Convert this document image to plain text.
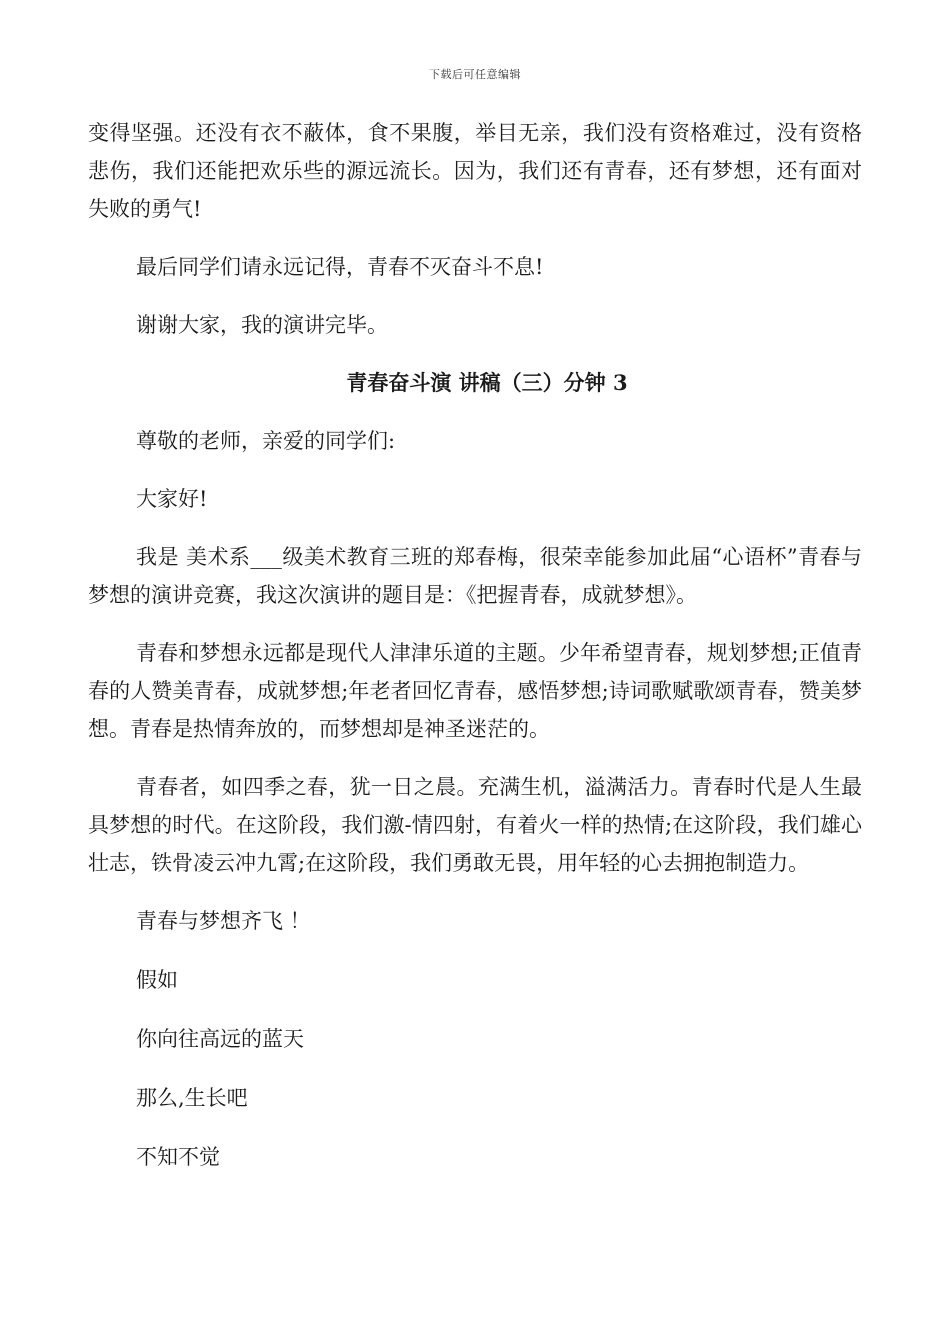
下载后可任意编辑

变得坚强。还没有衣不蔽体，食不果腹，举目无亲，我们没有资格难过，没有资格悲伤，我们还能把欢乐些的源远流长。因为，我们还有青春，还有梦想，还有面对失败的勇气!

最后同学们请永远记得，青春不灭奋斗不息!

谢谢大家，我的演讲完毕。

青春奋斗演 讲稿（三）分钟 3

尊敬的老师，亲爱的同学们:

大家好!

我是 美术系___级美术教育三班的郑春梅，很荣幸能参加此届“心语杯”青春与梦想的演讲竞赛，我这次演讲的题目是：《把握青春，成就梦想》。

青春和梦想永远都是现代人津津乐道的主题。少年希望青春，规划梦想;正值青春的人赞美青春，成就梦想;年老者回忆青春，感悟梦想;诗词歌赋歌颂青春，赞美梦想。青春是热情奔放的，而梦想却是神圣迷茫的。

青春者，如四季之春，犹一日之晨。充满生机，溢满活力。青春时代是人生最具梦想的时代。在这阶段，我们激-情四射，有着火一样的热情;在这阶段，我们雄心壮志，铁骨凌云冲九霄;在这阶段，我们勇敢无畏，用年轻的心去拥抱制造力。

青春与梦想齐飞 ！

假如

你向往高远的蓝天

那么,生长吧

不知不觉
